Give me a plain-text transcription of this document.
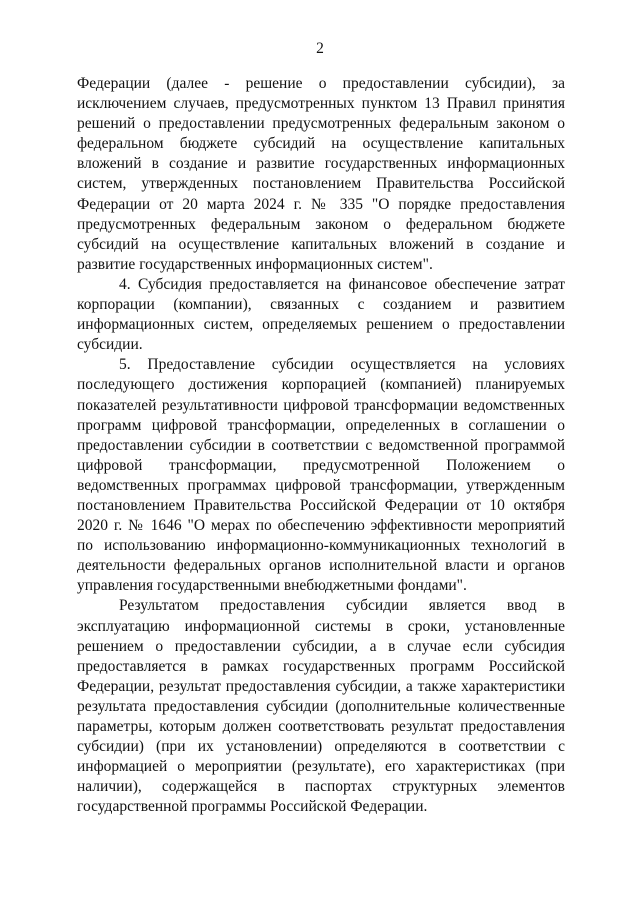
2

Федерации (далее - решение о предоставлении субсидии), за исключением случаев, предусмотренных пунктом 13 Правил принятия решений о предоставлении предусмотренных федеральным законом о федеральном бюджете субсидий на осуществление капитальных вложений в создание и развитие государственных информационных систем, утвержденных постановлением Правительства Российской Федерации от 20 марта 2024 г. № 335 "О порядке предоставления предусмотренных федеральным законом о федеральном бюджете субсидий на осуществление капитальных вложений в создание и развитие государственных информационных систем".

4. Субсидия предоставляется на финансовое обеспечение затрат корпорации (компании), связанных с созданием и развитием информационных систем, определяемых решением о предоставлении субсидии.

5. Предоставление субсидии осуществляется на условиях последующего достижения корпорацией (компанией) планируемых показателей результативности цифровой трансформации ведомственных программ цифровой трансформации, определенных в соглашении о предоставлении субсидии в соответствии с ведомственной программой цифровой трансформации, предусмотренной Положением о ведомственных программах цифровой трансформации, утвержденным постановлением Правительства Российской Федерации от 10 октября 2020 г. № 1646 "О мерах по обеспечению эффективности мероприятий по использованию информационно-коммуникационных технологий в деятельности федеральных органов исполнительной власти и органов управления государственными внебюджетными фондами".

Результатом предоставления субсидии является ввод в эксплуатацию информационной системы в сроки, установленные решением о предоставлении субсидии, а в случае если субсидия предоставляется в рамках государственных программ Российской Федерации, результат предоставления субсидии, а также характеристики результата предоставления субсидии (дополнительные количественные параметры, которым должен соответствовать результат предоставления субсидии) (при их установлении) определяются в соответствии с информацией о мероприятии (результате), его характеристиках (при наличии), содержащейся в паспортах структурных элементов государственной программы Российской Федерации.
